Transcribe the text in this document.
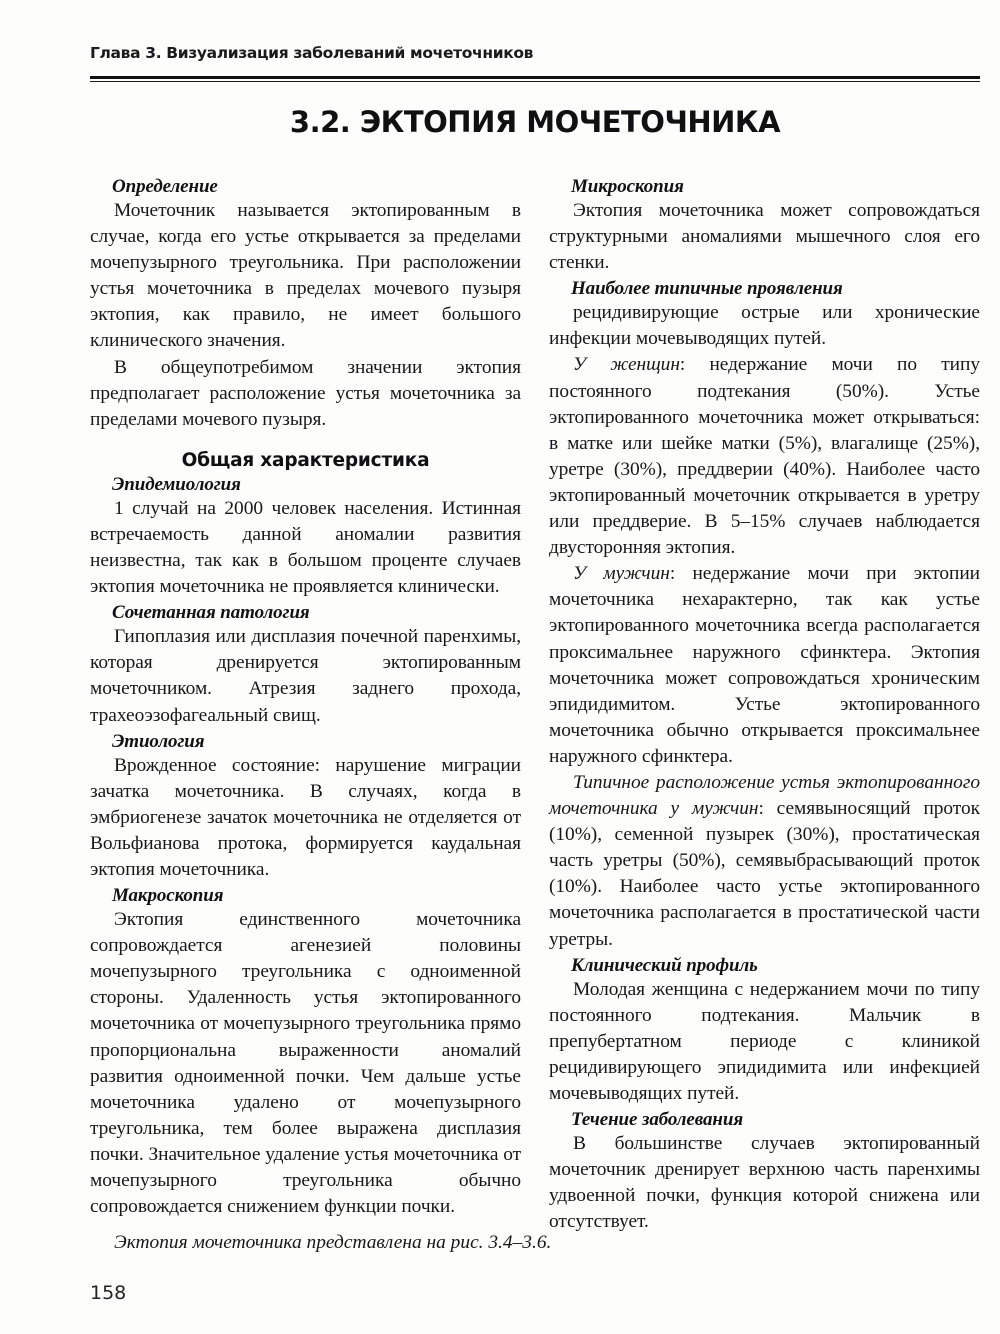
Глава 3. Визуализация заболеваний мочеточников
3.2. ЭКТОПИЯ МОЧЕТОЧНИКА
Определение

Мочеточник называется эктопированным в случае, когда его устье открывается за пределами мочепузырного треугольника. При расположении устья мочеточника в пределах мочевого пузыря эктопия, как правило, не имеет большого клинического значения.

В общеупотребимом значении эктопия предполагает расположение устья мочеточника за пределами мочевого пузыря.

Общая характеристика
Эпидемиология

1 случай на 2000 человек населения. Истинная встречаемость данной аномалии развития неизвестна, так как в большом проценте случаев эктопия мочеточника не проявляется клинически.

Сочетанная патология

Гипоплазия или дисплазия почечной паренхимы, которая дренируется эктопированным мочеточником. Атрезия заднего прохода, трахеоэзофагеальный свищ.

Этиология

Врожденное состояние: нарушение миграции зачатка мочеточника. В случаях, когда в эмбриогенезе зачаток мочеточника не отделяется от Вольфианова протока, формируется каудальная эктопия мочеточника.

Макроскопия

Эктопия единственного мочеточника сопровождается агенезией половины мочепузырного треугольника с одноименной стороны. Удаленность устья эктопированного мочеточника от мочепузырного треугольника прямо пропорциональна выраженности аномалий развития одноименной почки. Чем дальше устье мочеточника удалено от мочепузырного треугольника, тем более выражена дисплазия почки. Значительное удаление устья мочеточника от мочепузырного треугольника обычно сопровождается снижением функции почки.

Микроскопия

Эктопия мочеточника может сопровождаться структурными аномалиями мышечного слоя его стенки.

Наиболее типичные проявления

рецидивирующие острые или хронические инфекции мочевыводящих путей.

У женщин: недержание мочи по типу постоянного подтекания (50%). Устье эктопированного мочеточника может открываться: в матке или шейке матки (5%), влагалище (25%), уретре (30%), преддверии (40%). Наиболее часто эктопированный мочеточник открывается в уретру или преддверие. В 5–15% случаев наблюдается двусторонняя эктопия.

У мужчин: недержание мочи при эктопии мочеточника нехарактерно, так как устье эктопированного мочеточника всегда располагается проксимальнее наружного сфинктера. Эктопия мочеточника может сопровождаться хроническим эпидидимитом. Устье эктопированного мочеточника обычно открывается проксимальнее наружного сфинктера.

Типичное расположение устья эктопированного мочеточника у мужчин: семявыносящий проток (10%), семенной пузырек (30%), простатическая часть уретры (50%), семявыбрасывающий проток (10%). Наиболее часто устье эктопированного мочеточника располагается в простатической части уретры.

Клинический профиль

Молодая женщина с недержанием мочи по типу постоянного подтекания. Мальчик в препубертатном периоде с клиникой рецидивирующего эпидидимита или инфекцией мочевыводящих путей.

Течение заболевания

В большинстве случаев эктопированный мочеточник дренирует верхнюю часть паренхимы удвоенной почки, функция которой снижена или отсутствует.

Эктопия мочеточника представлена на рис. 3.4–3.6.
158
